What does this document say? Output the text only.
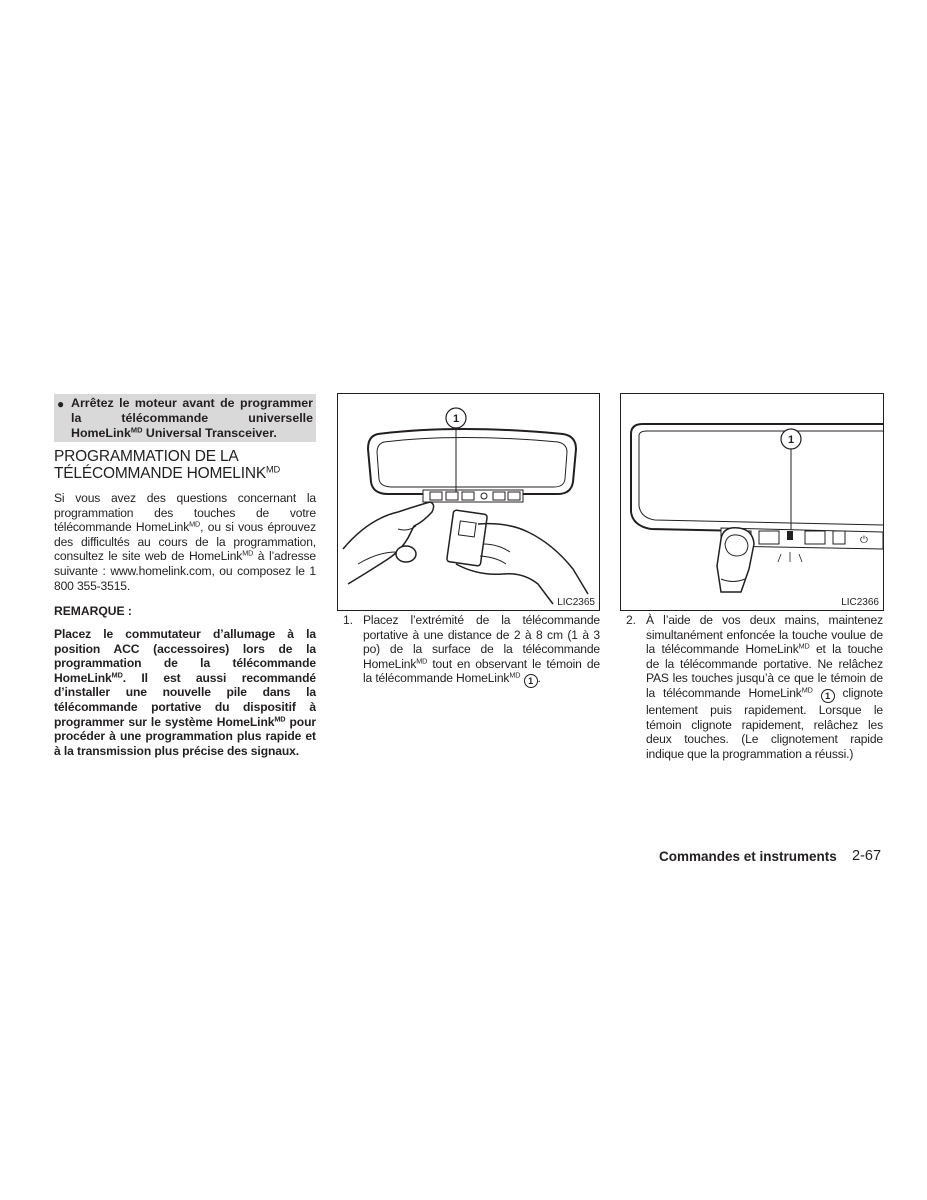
● Arrêtez le moteur avant de programmer la télécommande universelle HomeLink$^{MD}$ Universal Transceiver.
PROGRAMMATION DE LA
TÉLÉCOMMANDE $HOMELINK^{MD}$
Si vous avez des questions concernant la programmation des touches de votre télécommande HomeLink$^{MD}$, ou si vous éprouvez des difficultés au cours de la programmation, consultez le site web de HomeLink$^{MD}$ à l’adresse suivante : www.homelink.com, ou composez le 1 800 355-3515.
REMARQUE :
Placez le commutateur d’allumage à la position ACC (accessoires) lors de la programmation de la télécommande HomeLink$^{MD}$. Il est aussi recommandé d’installer une nouvelle pile dans la télécommande portative du dispositif à programmer sur le système HomeLink$^{MD}$ pour procéder à une programmation plus rapide et à la transmission plus précise des signaux.
1
LIC2365
⏻
1
LIC2366
1. Placez l’extrémité de la télécommande portative à une distance de 2 à 8 cm (1 à 3 po) de la surface de la télécommande HomeLink$^{MD}$ tout en observant le témoin de la télécommande HomeLink$^{MD}$ 1 .
2. À l’aide de vos deux mains, maintenez simultanément enfoncée la touche voulue de la télécommande HomeLink$^{MD}$ et la touche de la télécommande portative. Ne relâchez PAS les touches jusqu’à ce que le témoin de la télécommande HomeLink$^{MD}$ 1 clignote lentement puis rapidement. Lorsque le témoin clignote rapidement, relâchez les deux touches. (Le clignotement rapide indique que la programmation a réussi.)
Commandes et instruments 2-67
